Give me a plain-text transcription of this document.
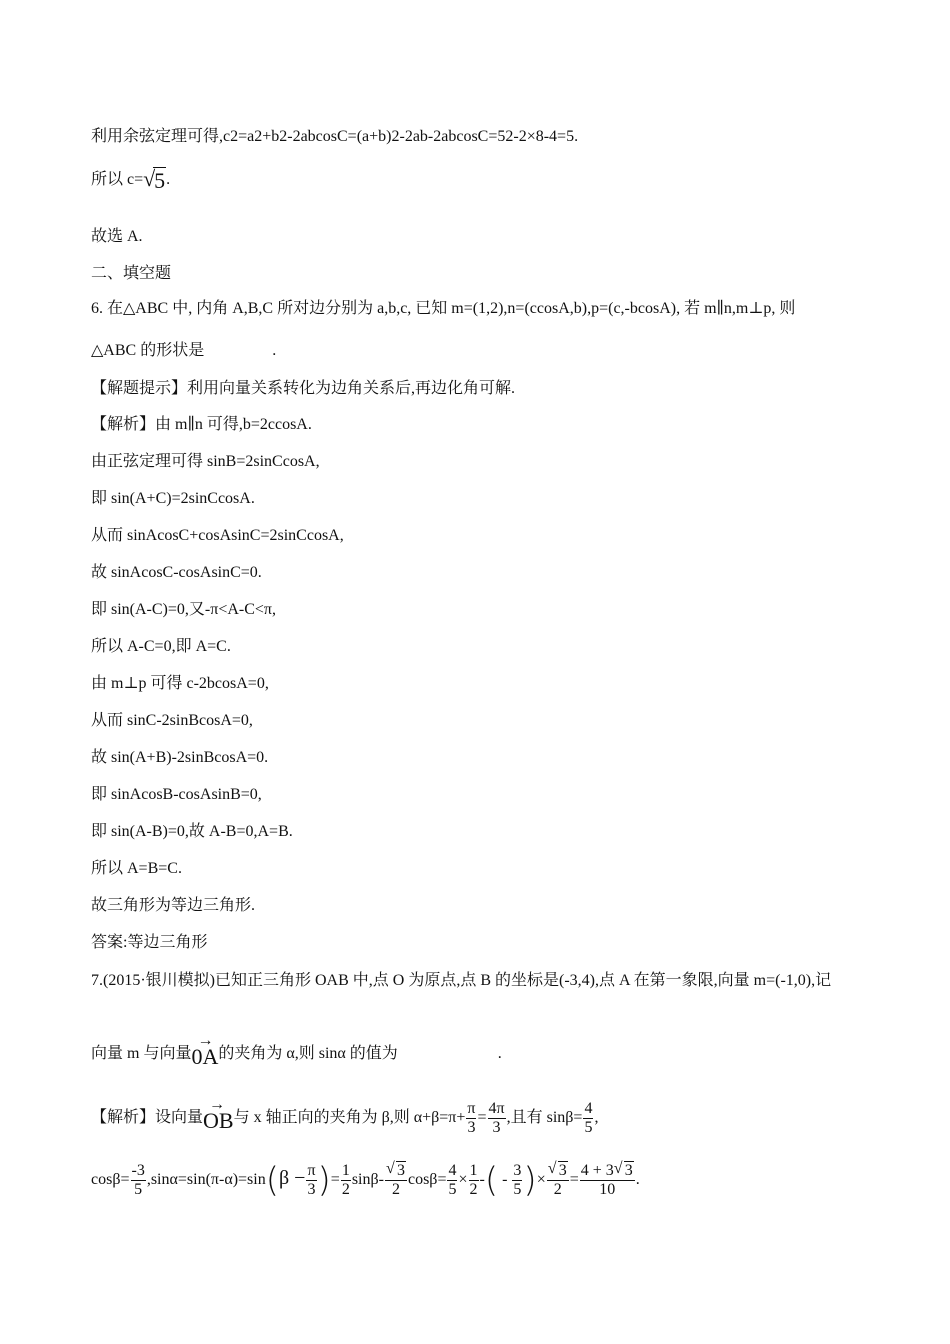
利用余弦定理可得,c2=a2+b2-2abcosC=(a+b)2-2ab-2abcosC=52-2×8-4=5.
所以 c= √
5.
故选 A.
二、填空题
6. 在△ABC 中, 内角 A,B,C 所对边分别为 a,b,c, 已知 m=(1,2),n=(ccosA,b),p=(c,-bcosA), 若 m∥n,m⊥p, 则
△ABC 的形状是	.
【解题提示】利用向量关系转化为边角关系后,再边化角可解.
【解析】由 m∥n 可得,b=2ccosA.
由正弦定理可得 sinB=2sinCcosA,
即 sin(A+C)=2sinCcosA.
从而 sinAcosC+cosAsinC=2sinCcosA,
故 sinAcosC-cosAsinC=0.
即 sin(A-C)=0,又-π<A-C<π,
所以 A-C=0,即 A=C.
由 m⊥p 可得 c-2bcosA=0,
从而 sinC-2sinBcosA=0,
故 sin(A+B)-2sinBcosA=0.
即 sinAcosB-cosAsinB=0,
即 sin(A-B)=0,故 A-B=0,A=B.
所以 A=B=C.
故三角形为等边三角形.
答案:等边三角形
7.(2015·银川模拟)已知正三角形 OAB 中,点 O 为原点,点 B 的坐标是(-3,4),点 A 在第一象限,向量 m=(-1,0),记
向量 m 与向量
→
0A的夹角为 α,则 sinα 的值为	.
【解析】设向量
→
OB与 x 轴正向的夹角为 β,则 $\alpha+\beta=\pi+ \frac{\pi}{3} = \frac{4\pi}{3}$ ,且有 $\sin\beta= \frac{4}{5}$ ,
$\cos\beta= \frac{-3}{5} ,\sin\alpha=\sin(\pi-\alpha)=\sin(\beta - \frac{\pi}{3}$ )= $\frac{1}{2} \sin\beta- \frac{√ 3}{2} \cos\beta= \frac{4}{5} \times \frac{1}{2}$ -( - $\frac{3}{5}$ )× $\frac{√ 3}{2} = \frac{4 + 3 √ 3}{10}$ .
